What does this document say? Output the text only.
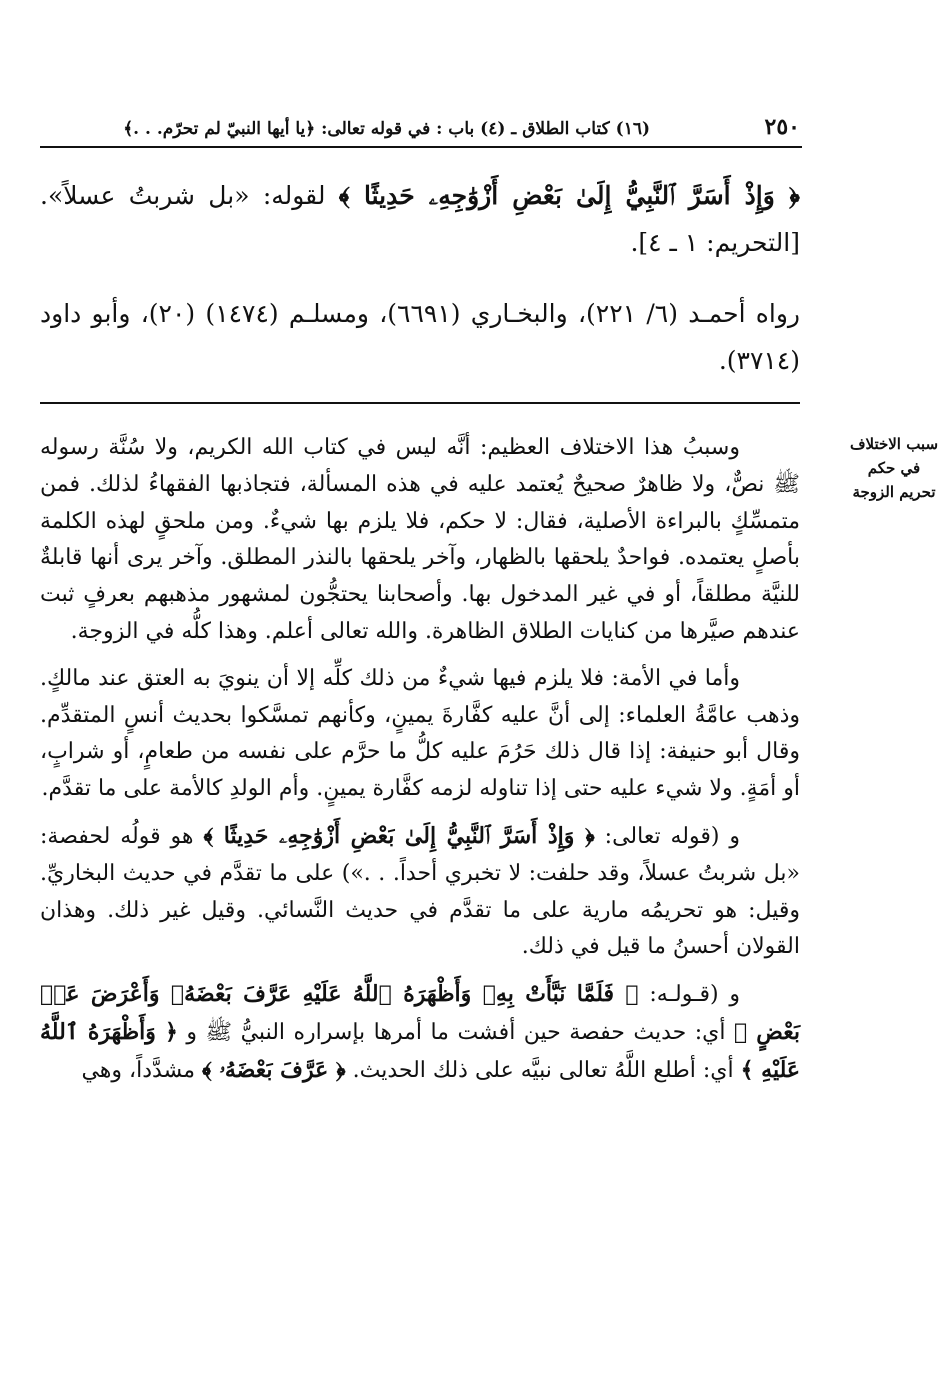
٢٥٠
(١٦) كتاب الطلاق ـ (٤) باب : في قوله تعالى: ﴿يا أيها النبيّ لم تحرّم. . .﴾
﴿ وَإِذْ أَسَرَّ ٱلنَّبِيُّ إِلَىٰ بَعْضِ أَزْوَٰجِهِۦ حَدِيثًا ﴾ لقوله: «بل شربتُ عسلاً». [التحريم: ١ ـ ٤].
رواه أحمـد (٦/ ٢٢١)، والبخـاري (٦٦٩١)، ومسلـم (١٤٧٤) (٢٠)، وأبو داود (٣٧١٤).
سبب الاختلاف في حكم تحريم الزوجة

وسببُ هذا الاختلاف العظيم: أنَّه ليس في كتاب الله الكريم، ولا سُنَّة رسوله ﷺ نصٌّ، ولا ظاهرٌ صحيحٌ يُعتمد عليه في هذه المسألة، فتجاذبها الفقهاءُ لذلك. فمن متمسِّكٍ بالبراءة الأصلية، فقال: لا حكم، فلا يلزم بها شيءٌ. ومن ملحقٍ لهذه الكلمة بأصلٍ يعتمده. فواحدٌ يلحقها بالظهار، وآخر يلحقها بالنذر المطلق. وآخر يرى أنها قابلةٌ للنيَّة مطلقاً، أو في غير المدخول بها. وأصحابنا يحتجُّون لمشهور مذهبهم بعرفٍ ثبت عندهم صيَّرها من كنايات الطلاق الظاهرة. والله تعالى أعلم. وهذا كلُّه في الزوجة.

وأما في الأمة: فلا يلزم فيها شيءٌ من ذلك كلِّه إلا أن ينويَ به العتق عند مالكٍ. وذهب عامَّةُ العلماء: إلى أنَّ عليه كفَّارةَ يمينٍ، وكأنهم تمسَّكوا بحديث أنسٍ المتقدِّم. وقال أبو حنيفة: إذا قال ذلك حَرُمَ عليه كلُّ ما حرَّم على نفسه من طعامٍ، أو شرابٍ، أو أمَةٍ. ولا شيء عليه حتى إذا تناوله لزمه كفَّارة يمينٍ. وأم الولدِ كالأمة على ما تقدَّم.

و (قوله تعالى: ﴿ وَإِذْ أَسَرَّ ٱلنَّبِيُّ إِلَىٰ بَعْضِ أَزْوَٰجِهِۦ حَدِيثًا ﴾ هو قولُه لحفصة: «بل شربتُ عسلاً، وقد حلفت: لا تخبري أحداً. . .») على ما تقدَّم في حديث البخاريِّ. وقيل: هو تحريمُه مارية على ما تقدَّم في حديث النَّسائي. وقيل غير ذلك. وهذان القولان أحسنُ ما قيل في ذلك.

و (قـولـه: ﴿ فَلَمَّا نَبَّأَتْ بِهِۦ وَأَظْهَرَهُ ٱللَّهُ عَلَيْهِ عَرَّفَ بَعْضَهُۥ وَأَعْرَضَ عَنۢ بَعْضٍ ﴾ أي: حديث حفصة حين أفشت ما أمرها بإسراره النبيُّ ﷺ و ﴿ وَأَظْهَرَهُ ٱللَّهُ عَلَيْهِ ﴾ أي: أطلع اللَّهُ تعالى نبيَّه على ذلك الحديث. ﴿ عَرَّفَ بَعْضَهُۥ ﴾ مشدَّداً، وهي
